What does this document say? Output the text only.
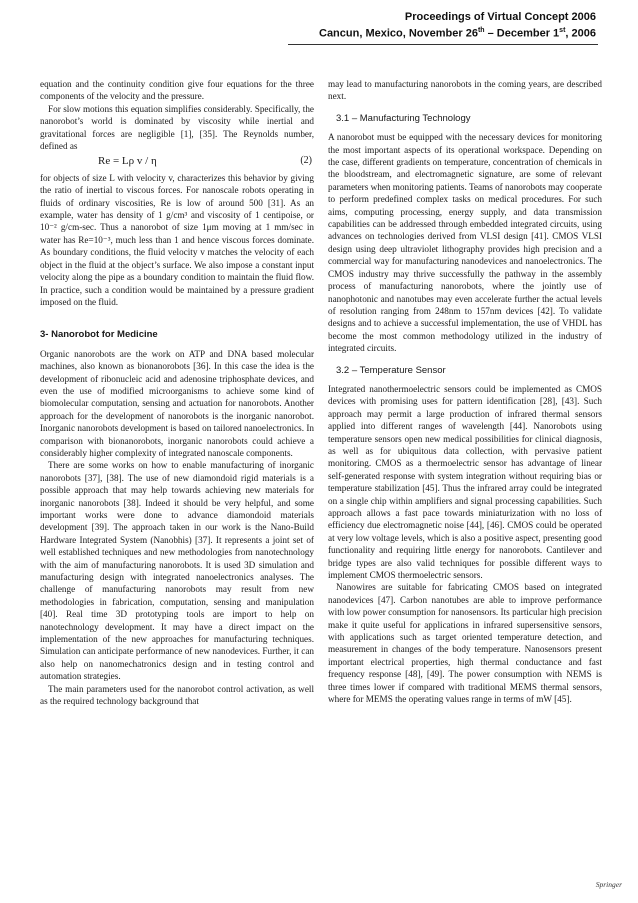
Proceedings of Virtual Concept 2006
Cancun, Mexico, November 26th – December 1st, 2006

equation and the continuity condition give four equations for the three components of the velocity and the pressure.

For slow motions this equation simplifies considerably. Specifically, the nanorobot’s world is dominated by viscosity while inertial and gravitational forces are negligible [1], [35]. The Reynolds number, defined as

Re = Lρ v / η	(2)

for objects of size L with velocity v, characterizes this behavior by giving the ratio of inertial to viscous forces. For nanoscale robots operating in fluids of ordinary viscosities, Re is low of around 500 [31]. As an example, water has density of 1 g/cm³ and viscosity of 1 centipoise, or 10⁻² g/cm-sec. Thus a nanorobot of size 1μm moving at 1 mm/sec in water has Re=10⁻³, much less than 1 and hence viscous forces dominate. As boundary conditions, the fluid velocity v matches the velocity of each object in the fluid at the object’s surface. We also impose a constant input velocity along the pipe as a boundary condition to maintain the fluid flow. In practice, such a condition would be maintained by a pressure gradient imposed on the fluid.

3- Nanorobot for Medicine

Organic nanorobots are the work on ATP and DNA based molecular machines, also known as bionanorobots [36]. In this case the idea is the development of ribonucleic acid and adenosine triphosphate devices, and even the use of modified microorganisms to achieve some kind of biomolecular computation, sensing and actuation for nanorobots. Another approach for the development of nanorobots is the inorganic nanorobot. Inorganic nanorobots development is based on tailored nanoelectronics. In comparison with bionanorobots, inorganic nanorobots could achieve a considerably higher complexity of integrated nanoscale components.

There are some works on how to enable manufacturing of inorganic nanorobots [37], [38]. The use of new diamondoid rigid materials is a possible approach that may help towards achieving new materials for inorganic nanorobots [38]. Indeed it should be very helpful, and some important works were done to advance diamondoid materials development [39]. The approach taken in our work is the Nano-Build Hardware Integrated System (Nanobhis) [37]. It represents a joint set of well established techniques and new methodologies from nanotechnology with the aim of manufacturing nanorobots. It is used 3D simulation and manufacturing design with integrated nanoelectronics analyses. The challenge of manufacturing nanorobots may result from new methodologies in fabrication, computation, sensing and manipulation [40]. Real time 3D prototyping tools are import to help on nanotechnology development. It may have a direct impact on the implementation of the new approaches for manufacturing techniques. Simulation can anticipate performance of new nanodevices. Further, it can also help on nanomechatronics design and in testing control and automation strategies.

The main parameters used for the nanorobot control activation, as well as the required technology background that

may lead to manufacturing nanorobots in the coming years, are described next.

3.1 – Manufacturing Technology

A nanorobot must be equipped with the necessary devices for monitoring the most important aspects of its operational workspace. Depending on the case, different gradients on temperature, concentration of chemicals in the bloodstream, and electromagnetic signature, are some of relevant parameters when monitoring patients. Teams of nanorobots may cooperate to perform predefined complex tasks on medical procedures. For such aims, computing processing, energy supply, and data transmission capabilities can be addressed through embedded integrated circuits, using advances on technologies derived from VLSI design [41]. CMOS VLSI design using deep ultraviolet lithography provides high precision and a commercial way for manufacturing nanodevices and nanoelectronics. The CMOS industry may thrive successfully the pathway in the assembly process of manufacturing nanorobots, where the jointly use of nanophotonic and nanotubes may even accelerate further the actual levels of resolution ranging from 248nm to 157nm devices [42]. To validate designs and to achieve a successful implementation, the use of VHDL has become the most common methodology utilized in the industry of integrated circuits.

3.2 – Temperature Sensor

Integrated nanothermoelectric sensors could be implemented as CMOS devices with promising uses for pattern identification [28], [43]. Such approach may permit a large production of infrared thermal sensors applied into different ranges of wavelength [44]. Nanorobots using temperature sensors open new medical possibilities for clinical diagnosis, as well as for ubiquitous data collection, with pervasive patient monitoring. CMOS as a thermoelectric sensor has advantage of linear self-generated response with system integration without requiring bias or temperature stabilization [45]. Thus the infrared array could be integrated on a single chip within amplifiers and signal processing capabilities. Such approach allows a fast pace towards miniaturization with no loss of efficiency due electromagnetic noise [44], [46]. CMOS could be operated at very low voltage levels, which is also a positive aspect, presenting good functionality and requiring little energy for nanorobots. Cantilever and bridge types are also valid techniques for possible different ways to implement CMOS thermoelectric sensors.

Nanowires are suitable for fabricating CMOS based on integrated nanodevices [47]. Carbon nanotubes are able to improve performance with low power consumption for nanosensors. Its particular high precision make it quite useful for applications in infrared supersensitive sensors, with applications such as target oriented temperature detection, and measurement in changes of the body temperature. Nanosensors present important electrical properties, high thermal conductance and fast frequency response [48], [49]. The power consumption with NEMS is three times lower if compared with traditional MEMS thermal sensors, where for MEMS the operating values range in terms of mW [45].

Springer
